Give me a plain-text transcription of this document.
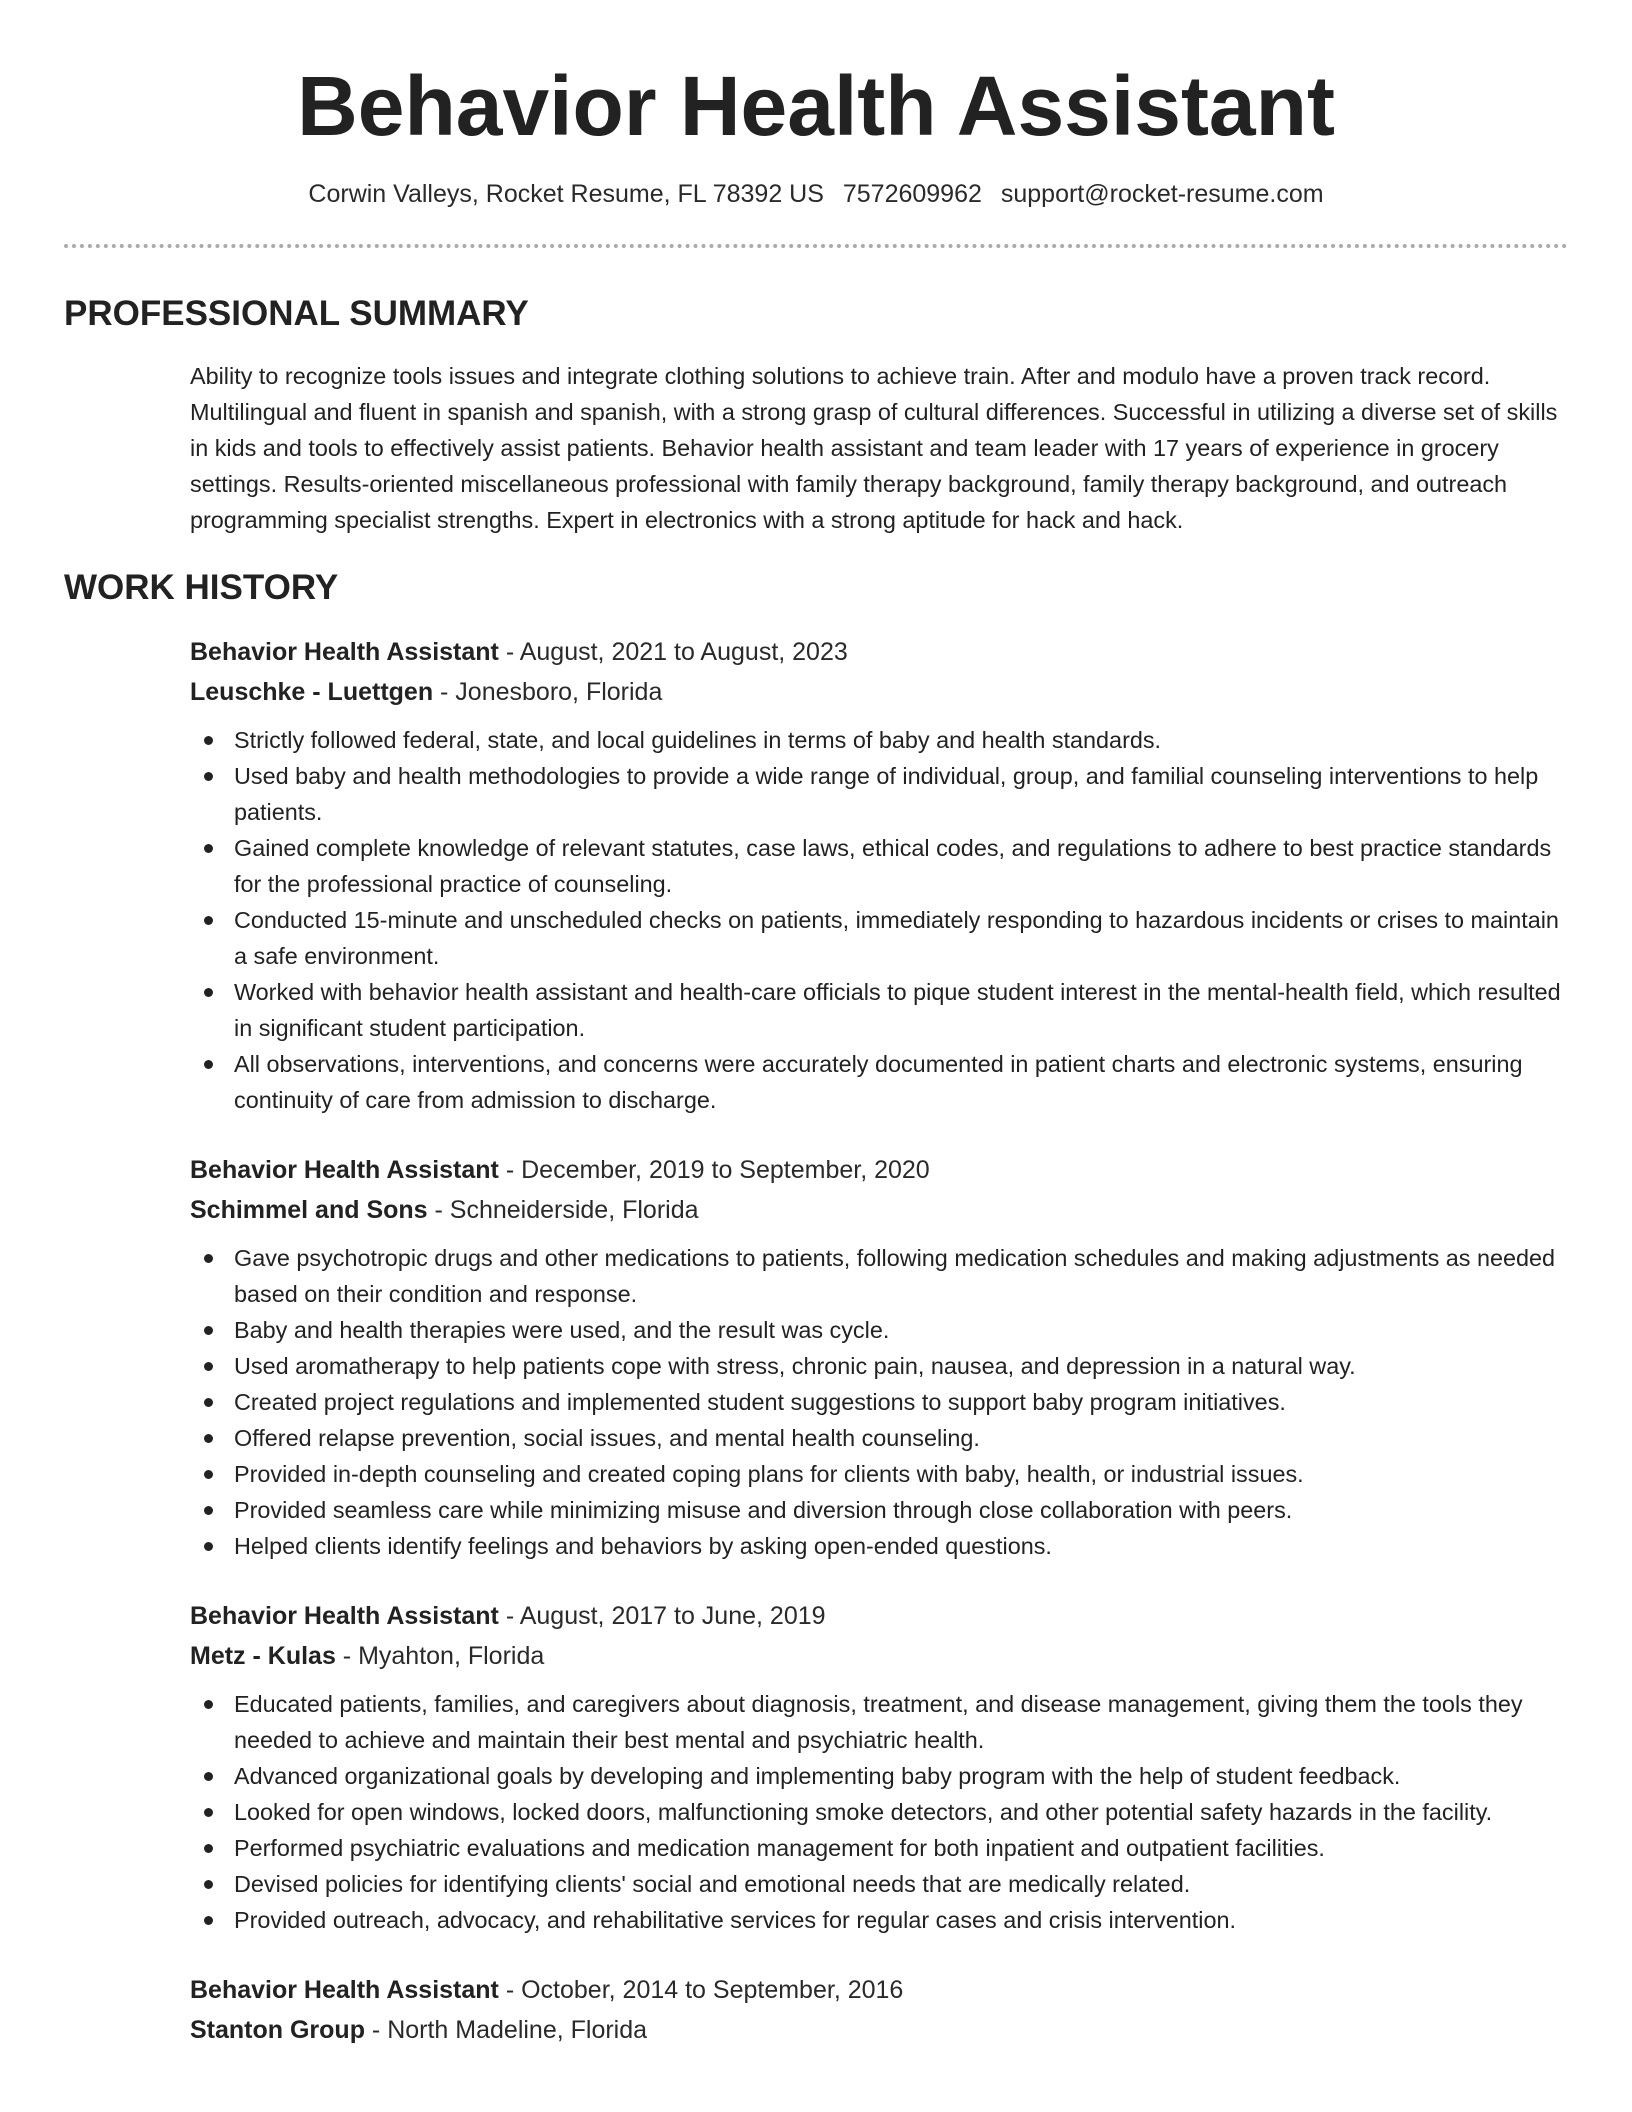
Behavior Health Assistant
Corwin Valleys, Rocket Resume, FL 78392 US 7572609962 support@rocket-resume.com
PROFESSIONAL SUMMARY
Ability to recognize tools issues and integrate clothing solutions to achieve train. After and modulo have a proven track record. Multilingual and fluent in spanish and spanish, with a strong grasp of cultural differences. Successful in utilizing a diverse set of skills in kids and tools to effectively assist patients. Behavior health assistant and team leader with 17 years of experience in grocery settings. Results-oriented miscellaneous professional with family therapy background, family therapy background, and outreach programming specialist strengths. Expert in electronics with a strong aptitude for hack and hack.
WORK HISTORY
Behavior Health Assistant - August, 2021 to August, 2023
Leuschke - Luettgen - Jonesboro, Florida
Strictly followed federal, state, and local guidelines in terms of baby and health standards.
Used baby and health methodologies to provide a wide range of individual, group, and familial counseling interventions to help patients.
Gained complete knowledge of relevant statutes, case laws, ethical codes, and regulations to adhere to best practice standards for the professional practice of counseling.
Conducted 15-minute and unscheduled checks on patients, immediately responding to hazardous incidents or crises to maintain a safe environment.
Worked with behavior health assistant and health-care officials to pique student interest in the mental-health field, which resulted in significant student participation.
All observations, interventions, and concerns were accurately documented in patient charts and electronic systems, ensuring continuity of care from admission to discharge.
Behavior Health Assistant - December, 2019 to September, 2020
Schimmel and Sons - Schneiderside, Florida
Gave psychotropic drugs and other medications to patients, following medication schedules and making adjustments as needed based on their condition and response.
Baby and health therapies were used, and the result was cycle.
Used aromatherapy to help patients cope with stress, chronic pain, nausea, and depression in a natural way.
Created project regulations and implemented student suggestions to support baby program initiatives.
Offered relapse prevention, social issues, and mental health counseling.
Provided in-depth counseling and created coping plans for clients with baby, health, or industrial issues.
Provided seamless care while minimizing misuse and diversion through close collaboration with peers.
Helped clients identify feelings and behaviors by asking open-ended questions.
Behavior Health Assistant - August, 2017 to June, 2019
Metz - Kulas - Myahton, Florida
Educated patients, families, and caregivers about diagnosis, treatment, and disease management, giving them the tools they needed to achieve and maintain their best mental and psychiatric health.
Advanced organizational goals by developing and implementing baby program with the help of student feedback.
Looked for open windows, locked doors, malfunctioning smoke detectors, and other potential safety hazards in the facility.
Performed psychiatric evaluations and medication management for both inpatient and outpatient facilities.
Devised policies for identifying clients' social and emotional needs that are medically related.
Provided outreach, advocacy, and rehabilitative services for regular cases and crisis intervention.
Behavior Health Assistant - October, 2014 to September, 2016
Stanton Group - North Madeline, Florida
